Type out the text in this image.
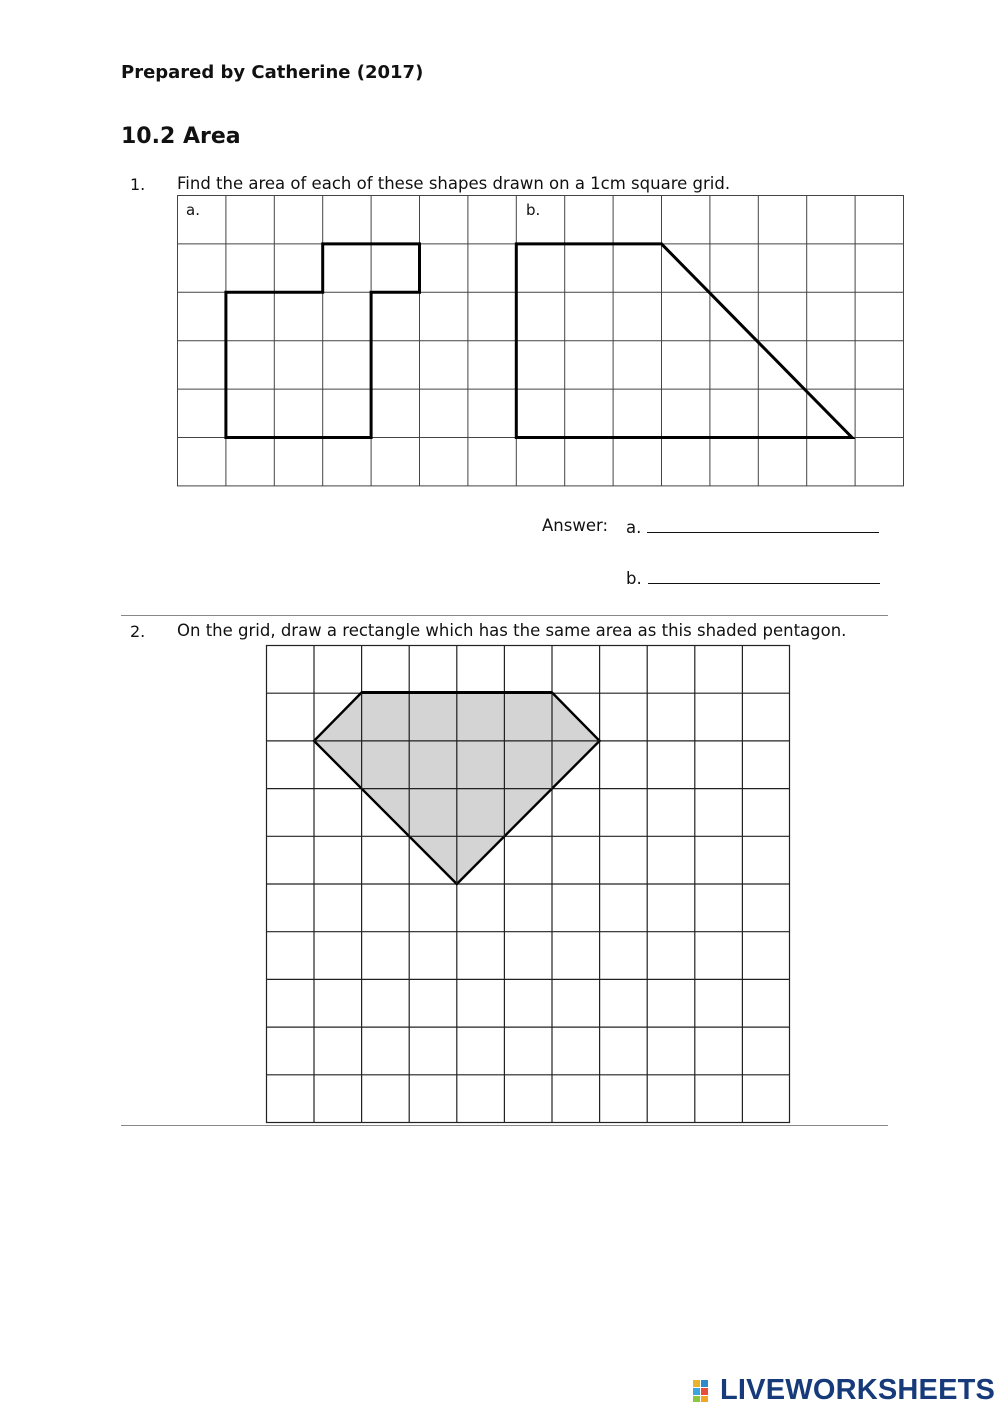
Prepared by Catherine (2017)
10.2 Area
1. Find the area of each of these shapes drawn on a 1cm square grid.
a.	b.
Answer: a.
b.
2. On the grid, draw a rectangle which has the same area as this shaded pentagon.
LIVEWORKSHEETS
